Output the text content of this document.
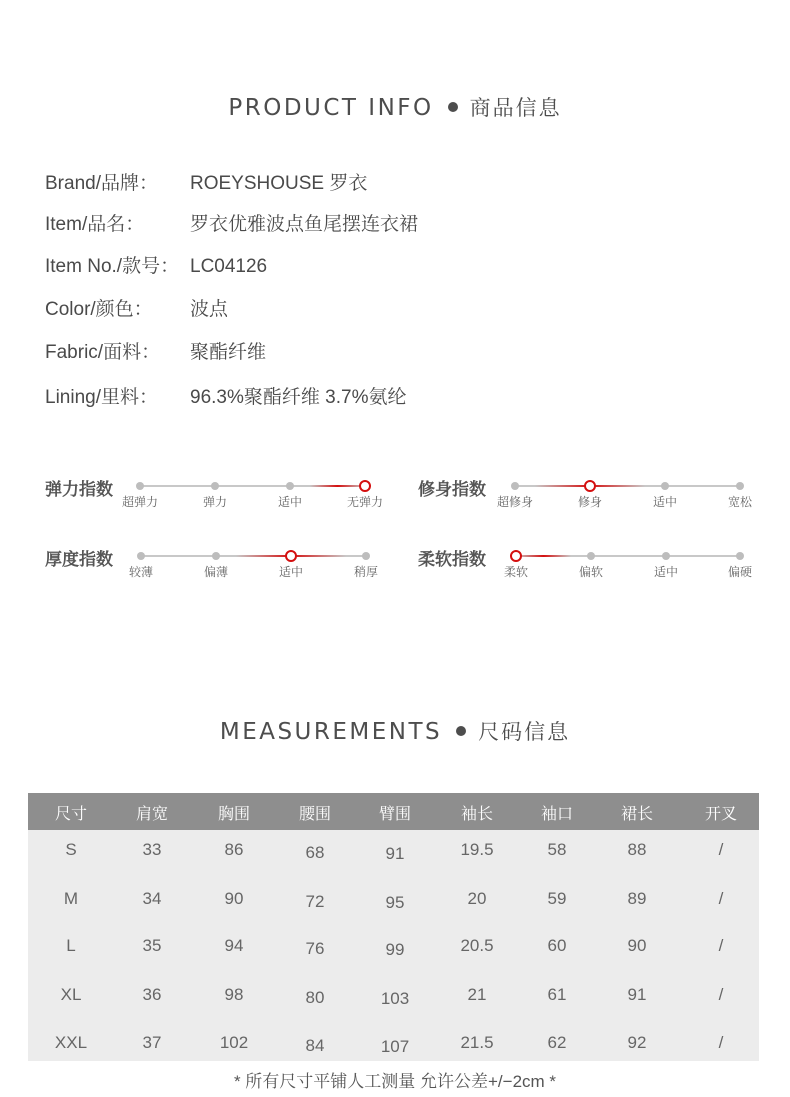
PRODUCT INFO 商品信息
Brand/品牌： ROEYSHOUSE 罗衣
Item/品名： 罗衣优雅波点鱼尾摆连衣裙
Item No./款号： LC04126
Color/颜色： 波点
Fabric/面料： 聚酯纤维
Lining/里料：96.3%聚酯纤维 3.7%氨纶
弹力指数
超弹力	弹力	适中	无弹力
修身指数
超修身	修身	适中	宽松
厚度指数
较薄	偏薄	适中	稍厚
柔软指数
柔软	偏软	适中	偏硬
MEASUREMENTS 尺码信息
尺寸	肩宽	胸围	腰围	臂围	袖长	袖口	裙长	开叉
S	33	86	68	91	19.5	58	88	/
M	34	90	72	95	20	59	89	/
L	35	94	76	99	20.5	60	90	/
XL	36	98	80	103	21	61	91	/
XXL	37	102	84	107	21.5	62	92	/
* 所有尺寸平铺人工测量 允许公差+/−2cm *
